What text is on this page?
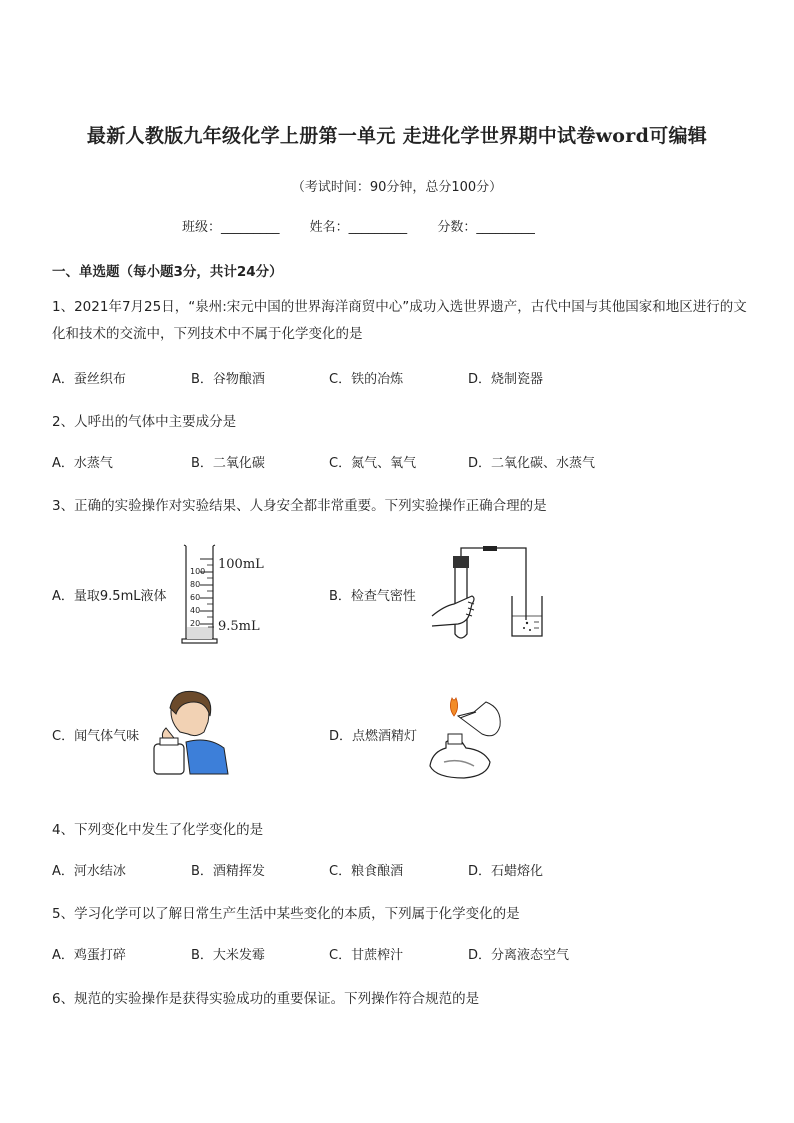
最新人教版九年级化学上册第一单元 走进化学世界期中试卷word可编辑
（考试时间：90分钟，总分100分）
班级：_________ 姓名：_________ 分数：_________
一、单选题（每小题3分，共计24分）
1、2021年7月25日，“泉州:宋元中国的世界海洋商贸中心”成功入选世界遗产，古代中国与其他国家和地区进行的文化和技术的交流中，下列技术中不属于化学变化的是
A．蚕丝织布	B．谷物酿酒	C．铁的冶炼	D．烧制瓷器
2、人呼出的气体中主要成分是
A．水蒸气	B．二氧化碳	C．氮气、氧气	D．二氧化碳、水蒸气
3、正确的实验操作对实验结果、人身安全都非常重要。下列实验操作正确合理的是
A．量取9.5mL液体
100
80
60
40
20
100mL
9.5mL
B．检查气密性
C．闻气体气味	D．点燃酒精灯
4、下列变化中发生了化学变化的是
A．河水结冰	B．酒精挥发	C．粮食酿酒	D．石蜡熔化
5、学习化学可以了解日常生产生活中某些变化的本质，下列属于化学变化的是
A．鸡蛋打碎	B．大米发霉	C．甘蔗榨汁	D．分离液态空气
6、规范的实验操作是获得实验成功的重要保证。下列操作符合规范的是
